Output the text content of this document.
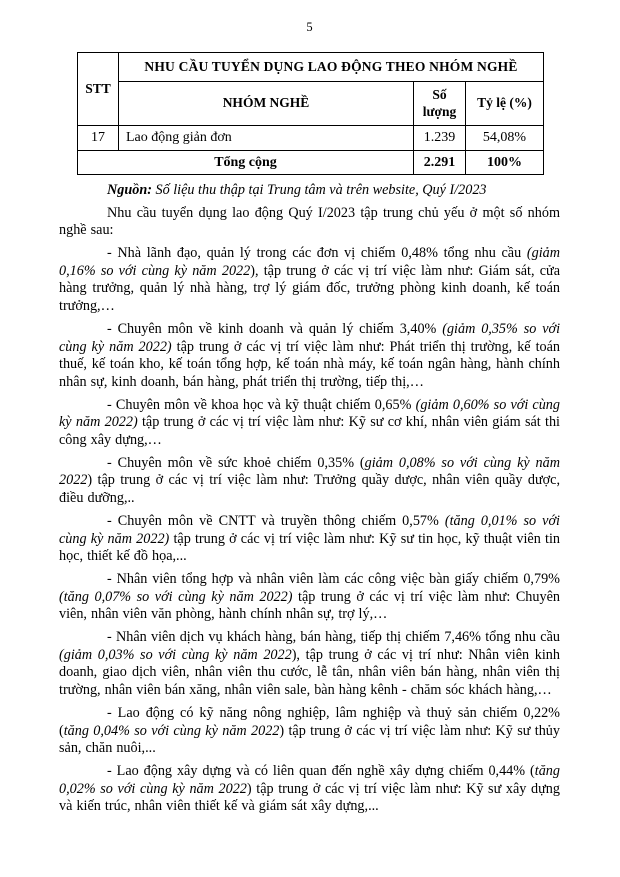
5
STT	NHU CẦU TUYỂN DỤNG LAO ĐỘNG THEO NHÓM NGHỀ		
	NHÓM NGHỀ	Số lượng	Tỷ lệ (%)
17	Lao động giản đơn	1.239	54,08%
Tổng cộng		2.291	100%

Nguồn: Số liệu thu thập tại Trung tâm và trên website, Quý I/2023

Nhu cầu tuyển dụng lao động Quý I/2023 tập trung chủ yếu ở một số nhóm nghề sau:

- Nhà lãnh đạo, quản lý trong các đơn vị chiếm 0,48% tổng nhu cầu (giảm 0,16% so với cùng kỳ năm 2022), tập trung ở các vị trí việc làm như: Giám sát, cửa hàng trưởng, quản lý nhà hàng, trợ lý giám đốc, trưởng phòng kinh doanh, kế toán trưởng,…

- Chuyên môn về kinh doanh và quản lý chiếm 3,40% (giảm 0,35% so với cùng kỳ năm 2022) tập trung ở các vị trí việc làm như: Phát triển thị trường, kế toán thuế, kế toán kho, kế toán tổng hợp, kế toán nhà máy, kế toán ngân hàng, hành chính nhân sự, kinh doanh, bán hàng, phát triển thị trường, tiếp thị,…

- Chuyên môn về khoa học và kỹ thuật chiếm 0,65% (giảm 0,60% so với cùng kỳ năm 2022) tập trung ở các vị trí việc làm như: Kỹ sư cơ khí, nhân viên giám sát thi công xây dựng,…

- Chuyên môn về sức khoẻ chiếm 0,35% (giảm 0,08% so với cùng kỳ năm 2022) tập trung ở các vị trí việc làm như: Trưởng quầy dược, nhân viên quầy dược, điều dưỡng,..

- Chuyên môn về CNTT và truyền thông chiếm 0,57% (tăng 0,01% so với cùng kỳ năm 2022) tập trung ở các vị trí việc làm như: Kỹ sư tin học, kỹ thuật viên tin học, thiết kế đồ họa,...

- Nhân viên tổng hợp và nhân viên làm các công việc bàn giấy chiếm 0,79% (tăng 0,07% so với cùng kỳ năm 2022) tập trung ở các vị trí việc làm như: Chuyên viên, nhân viên văn phòng, hành chính nhân sự, trợ lý,…

- Nhân viên dịch vụ khách hàng, bán hàng, tiếp thị chiếm 7,46% tổng nhu cầu (giảm 0,03% so với cùng kỳ năm 2022), tập trung ở các vị trí như: Nhân viên kinh doanh, giao dịch viên, nhân viên thu cước, lễ tân, nhân viên bán hàng, nhân viên thị trường, nhân viên bán xăng, nhân viên sale, bàn hàng kênh - chăm sóc khách hàng,…

- Lao động có kỹ năng nông nghiệp, lâm nghiệp và thuỷ sản chiếm 0,22% (tăng 0,04% so với cùng kỳ năm 2022) tập trung ở các vị trí việc làm như: Kỹ sư thủy sản, chăn nuôi,...

- Lao động xây dựng và có liên quan đến nghề xây dựng chiếm 0,44% (tăng 0,02% so với cùng kỳ năm 2022) tập trung ở các vị trí việc làm như: Kỹ sư xây dựng và kiến trúc, nhân viên thiết kế và giám sát xây dựng,...
